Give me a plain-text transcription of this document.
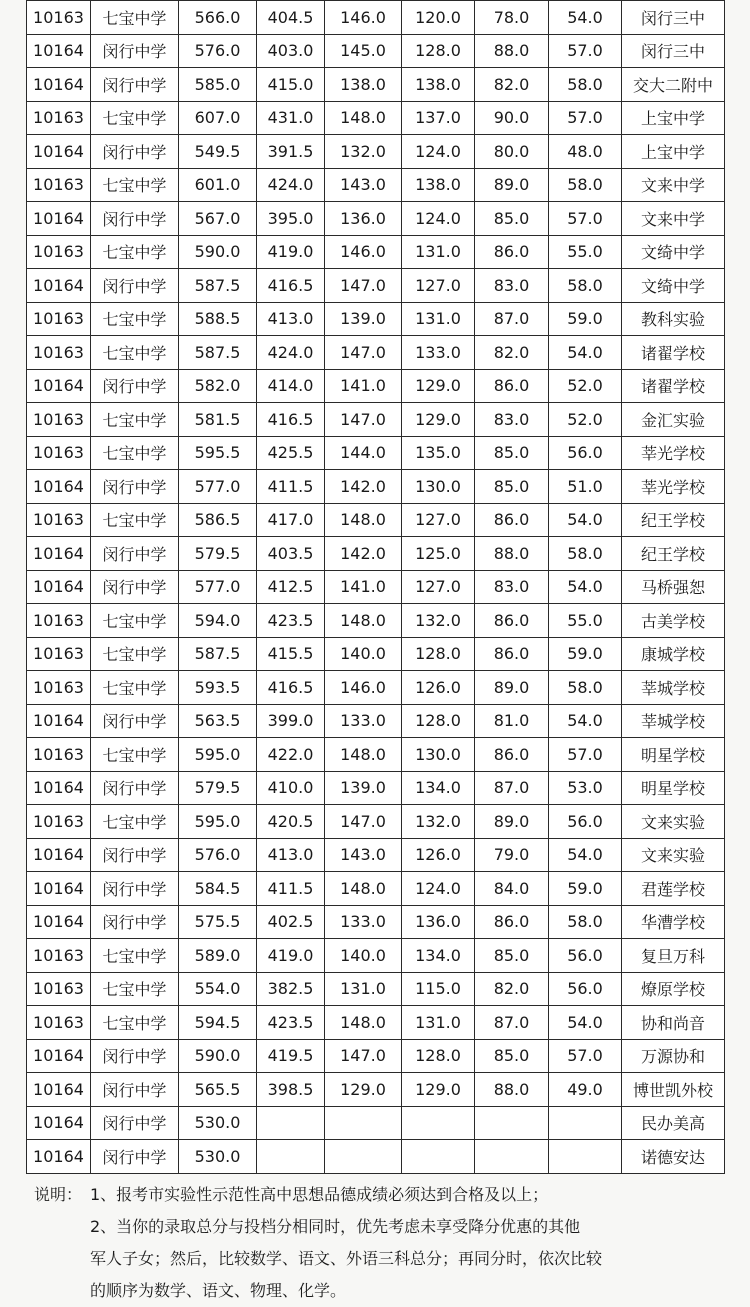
10163	七宝中学	566.0	404.5	146.0	120.0	78.0	54.0	闵行三中
10164	闵行中学	576.0	403.0	145.0	128.0	88.0	57.0	闵行三中
10164	闵行中学	585.0	415.0	138.0	138.0	82.0	58.0	交大二附中
10163	七宝中学	607.0	431.0	148.0	137.0	90.0	57.0	上宝中学
10164	闵行中学	549.5	391.5	132.0	124.0	80.0	48.0	上宝中学
10163	七宝中学	601.0	424.0	143.0	138.0	89.0	58.0	文来中学
10164	闵行中学	567.0	395.0	136.0	124.0	85.0	57.0	文来中学
10163	七宝中学	590.0	419.0	146.0	131.0	86.0	55.0	文绮中学
10164	闵行中学	587.5	416.5	147.0	127.0	83.0	58.0	文绮中学
10163	七宝中学	588.5	413.0	139.0	131.0	87.0	59.0	教科实验
10163	七宝中学	587.5	424.0	147.0	133.0	82.0	54.0	诸翟学校
10164	闵行中学	582.0	414.0	141.0	129.0	86.0	52.0	诸翟学校
10163	七宝中学	581.5	416.5	147.0	129.0	83.0	52.0	金汇实验
10163	七宝中学	595.5	425.5	144.0	135.0	85.0	56.0	莘光学校
10164	闵行中学	577.0	411.5	142.0	130.0	85.0	51.0	莘光学校
10163	七宝中学	586.5	417.0	148.0	127.0	86.0	54.0	纪王学校
10164	闵行中学	579.5	403.5	142.0	125.0	88.0	58.0	纪王学校
10164	闵行中学	577.0	412.5	141.0	127.0	83.0	54.0	马桥强恕
10163	七宝中学	594.0	423.5	148.0	132.0	86.0	55.0	古美学校
10163	七宝中学	587.5	415.5	140.0	128.0	86.0	59.0	康城学校
10163	七宝中学	593.5	416.5	146.0	126.0	89.0	58.0	莘城学校
10164	闵行中学	563.5	399.0	133.0	128.0	81.0	54.0	莘城学校
10163	七宝中学	595.0	422.0	148.0	130.0	86.0	57.0	明星学校
10164	闵行中学	579.5	410.0	139.0	134.0	87.0	53.0	明星学校
10163	七宝中学	595.0	420.5	147.0	132.0	89.0	56.0	文来实验
10164	闵行中学	576.0	413.0	143.0	126.0	79.0	54.0	文来实验
10164	闵行中学	584.5	411.5	148.0	124.0	84.0	59.0	君莲学校
10164	闵行中学	575.5	402.5	133.0	136.0	86.0	58.0	华漕学校
10163	七宝中学	589.0	419.0	140.0	134.0	85.0	56.0	复旦万科
10163	七宝中学	554.0	382.5	131.0	115.0	82.0	56.0	燎原学校
10163	七宝中学	594.5	423.5	148.0	131.0	87.0	54.0	协和尚音
10164	闵行中学	590.0	419.5	147.0	128.0	85.0	57.0	万源协和
10164	闵行中学	565.5	398.5	129.0	129.0	88.0	49.0	博世凯外校
10164	闵行中学	530.0						民办美高
10164	闵行中学	530.0						诺德安达
说明： 1、报考市实验性示范性高中思想品德成绩必须达到合格及以上；
2、当你的录取总分与投档分相同时，优先考虑未享受降分优惠的其他
军人子女；然后，比较数学、语文、外语三科总分；再同分时，依次比较
的顺序为数学、语文、物理、化学。
